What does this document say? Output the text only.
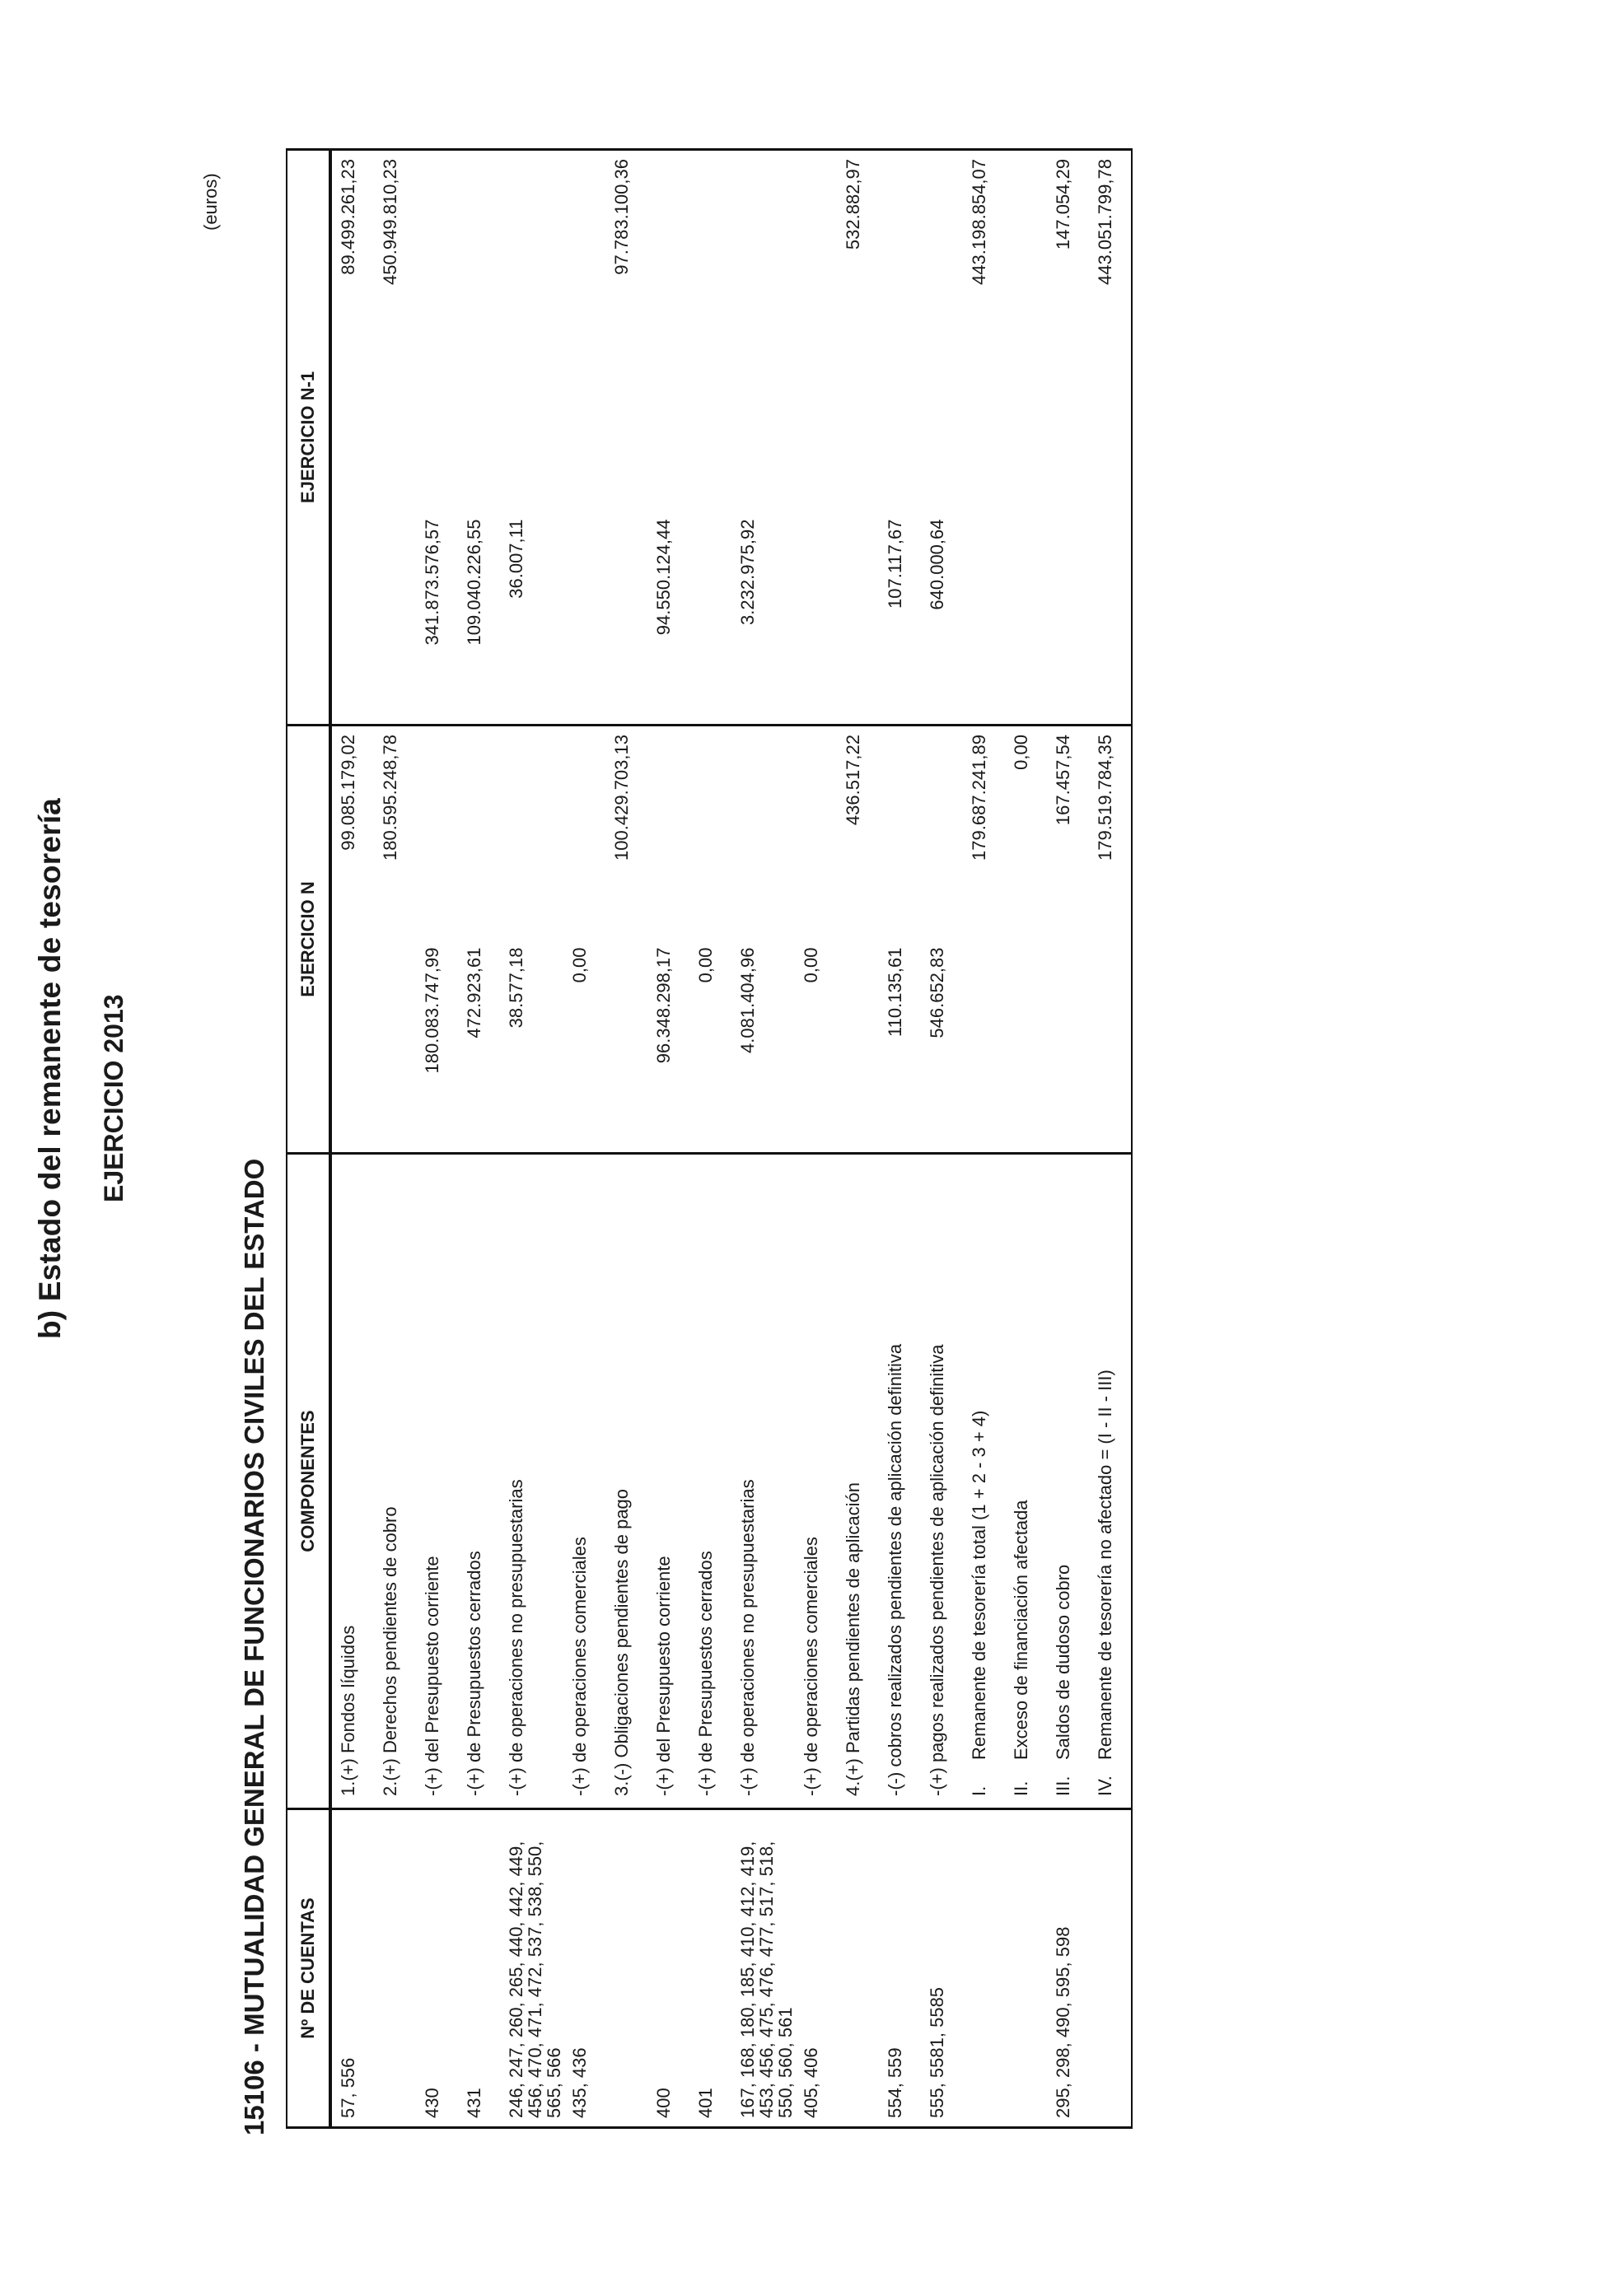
b) Estado del remanente de tesorería EJERCICIO 2013
15106 - MUTUALIDAD GENERAL DE FUNCIONARIOS CIVILES DEL ESTADO
(euros)
Nº DE CUENTAS	COMPONENTES	EJERCICIO N		EJERCICIO N-1	
57, 556	1.(+) Fondos líquidos		99.085.179,02		89.499.261,23
	2.(+) Derechos pendientes de cobro		180.595.248,78		450.949.810,23
430	-(+) del Presupuesto corriente	180.083.747,99		341.873.576,57	
431	-(+) de Presupuestos cerrados	472.923,61		109.040.226,55	
246, 247, 260, 265, 440, 442, 449, 456, 470, 471, 472, 537, 538, 550, 565, 566	-(+) de operaciones no presupuestarias	38.577,18		36.007,11	
435, 436	-(+) de operaciones comerciales	0,00			
	3.(-) Obligaciones pendientes de pago		100.429.703,13		97.783.100,36
400	-(+) del Presupuesto corriente	96.348.298,17		94.550.124,44	
401	-(+) de Presupuestos cerrados	0,00			
167, 168, 180, 185, 410, 412, 419, 453, 456, 475, 476, 477, 517, 518, 550, 560, 561	-(+) de operaciones no presupuestarias	4.081.404,96		3.232.975,92	
405, 406	-(+) de operaciones comerciales	0,00			
	4.(+) Partidas pendientes de aplicación		436.517,22		532.882,97
554, 559	-(-) cobros realizados pendientes de aplicación definitiva	110.135,61		107.117,67	
555, 5581, 5585	-(+) pagos realizados pendientes de aplicación definitiva	546.652,83		640.000,64	
	I.Remanente de tesorería total (1 + 2 - 3 + 4)		179.687.241,89		443.198.854,07
	II.Exceso de financiación afectada		0,00		
295, 298, 490, 595, 598	III.Saldos de dudoso cobro		167.457,54		147.054,29
	IV.Remanente de tesorería no afectado = (I - II - III)		179.519.784,35		443.051.799,78
